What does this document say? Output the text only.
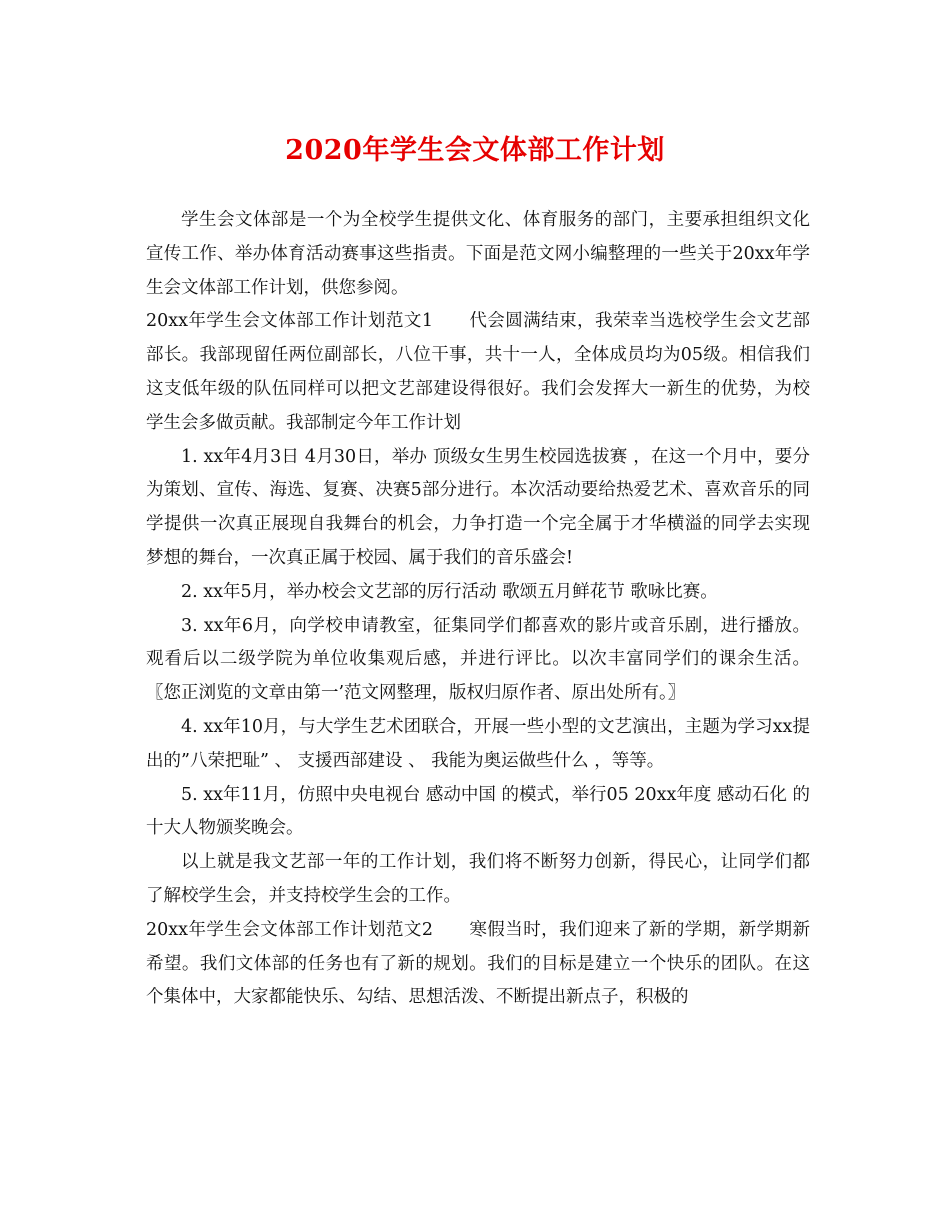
2020年学生会文体部工作计划

学生会文体部是一个为全校学生提供文化、体育服务的部门，主要承担组织文化宣传工作、举办体育活动赛事这些指责。下面是范文网小编整理的一些关于20xx年学生会文体部工作计划，供您参阅。

20xx年学生会文体部工作计划范文1　　代会圆满结束，我荣幸当选校学生会文艺部部长。我部现留任两位副部长，八位干事，共十一人，全体成员均为05级。相信我们这支低年级的队伍同样可以把文艺部建设得很好。我们会发挥大一新生的优势，为校学生会多做贡献。我部制定今年工作计划

1. xx年4月3日 4月30日，举办 顶级女生男生校园选拔赛 ，在这一个月中，要分为策划、宣传、海选、复赛、决赛5部分进行。本次活动要给热爱艺术、喜欢音乐的同学提供一次真正展现自我舞台的机会，力争打造一个完全属于才华横溢的同学去实现梦想的舞台，一次真正属于校园、属于我们的音乐盛会!

2. xx年5月，举办校会文艺部的厉行活动 歌颂五月鲜花节 歌咏比赛。

3. xx年6月，向学校申请教室，征集同学们都喜欢的影片或音乐剧，进行播放。观看后以二级学院为单位收集观后感，并进行评比。以次丰富同学们的课余生活。 〖您正浏览的文章由第一’范文网整理，版权归原作者、原出处所有。〗

4. xx年10月，与大学生艺术团联合，开展一些小型的文艺演出，主题为学习xx提出的”八荣把耻” 、 支援西部建设 、 我能为奥运做些什么 ，等等。

5. xx年11月，仿照中央电视台 感动中国 的模式，举行05 20xx年度 感动石化 的十大人物颁奖晚会。

以上就是我文艺部一年的工作计划，我们将不断努力创新，得民心，让同学们都了解校学生会，并支持校学生会的工作。

20xx年学生会文体部工作计划范文2　　寒假当时，我们迎来了新的学期，新学期新希望。我们文体部的任务也有了新的规划。我们的目标是建立一个快乐的团队。在这个集体中，大家都能快乐、勾结、思想活泼、不断提出新点子，积极的
